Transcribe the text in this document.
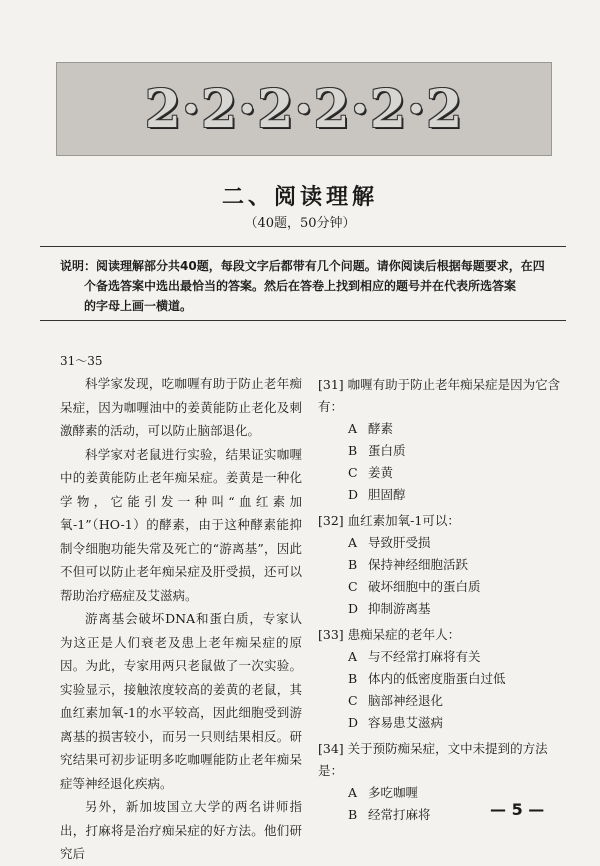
2·2·2·2·2·2
二、阅读理解
（40题，50分钟）
说明：阅读理解部分共40题，每段文字后都带有几个问题。请你阅读后根据每题要求，在四
个备选答案中选出最恰当的答案。然后在答卷上找到相应的题号并在代表所选答案
的字母上画一横道。
31～35

科学家发现，吃咖喱有助于防止老年痴呆症，因为咖喱油中的姜黄能防止老化及刺激酵素的活动，可以防止脑部退化。

科学家对老鼠进行实验，结果证实咖喱中的姜黄能防止老年痴呆症。姜黄是一种化学物，它能引发一种叫“血红素加氧-1”（HO-1）的酵素，由于这种酵素能抑制令细胞功能失常及死亡的“游离基”，因此不但可以防止老年痴呆症及肝受损，还可以帮助治疗癌症及艾滋病。

游离基会破坏DNA和蛋白质，专家认为这正是人们衰老及患上老年痴呆症的原因。为此，专家用两只老鼠做了一次实验。实验显示，接触浓度较高的姜黄的老鼠，其血红素加氧-1的水平较高，因此细胞受到游离基的损害较小，而另一只则结果相反。研究结果可初步证明多吃咖喱能防止老年痴呆症等神经退化疾病。

另外，新加坡国立大学的两名讲师指出，打麻将是治疗痴呆症的好方法。他们研究后

[31] 咖喱有助于防止老年痴呆症是因为它含有：
A 酵素
B 蛋白质
C 姜黄
D 胆固醇
[32] 血红素加氧-1可以：
A 导致肝受损
B 保持神经细胞活跃
C 破坏细胞中的蛋白质
D 抑制游离基
[33] 患痴呆症的老年人：
A 与不经常打麻将有关
B 体内的低密度脂蛋白过低
C 脑部神经退化
D 容易患艾滋病
[34] 关于预防痴呆症，文中未提到的方法是：
A 多吃咖喱
B 经常打麻将	— 5 —
